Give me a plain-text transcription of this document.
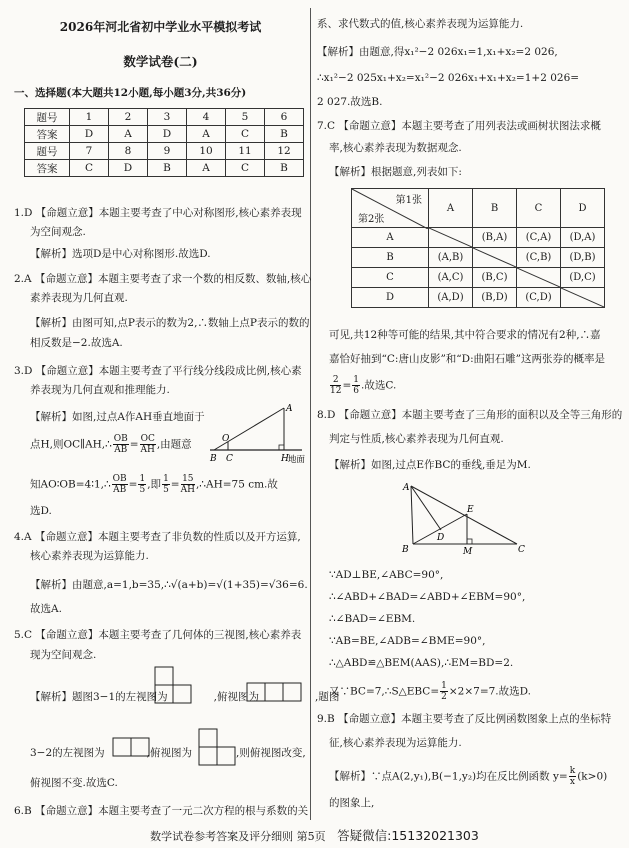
2026年河北省初中学业水平模拟考试
数学试卷(二)
一、选择题(本大题共12小题,每小题3分,共36分)
题号	1	2	3	4	5	6
答案	D	A	D	A	C	B
题号	7	8	9	10	11	12
答案	C	D	B	A	C	B
1.D 【命题立意】本题主要考查了中心对称图形,核心素养表现
为空间观念.
【解析】选项D是中心对称图形.故选D.
2.A 【命题立意】本题主要考查了求一个数的相反数、数轴,核心
素养表现为几何直观.
【解析】由图可知,点P表示的数为2,∴数轴上点P表示的数的
相反数是−2.故选A.
3.D 【命题立意】本题主要考查了平行线分线段成比例,核心素
养表现为几何直观和推理能力.
【解析】如图,过点A作AH垂直地面于
点H,则OC∥AH,∴ $\frac{OB}{AB} = \frac{OC}{AH}$ ,由题意
知AO∶OB=4∶1,∴ $\frac{OB}{AB} = \frac{1}{5}$ ,即 $\frac{1}{5} = \frac{15}{AH}$ ,∴AH=75 cm.故
选D.
A
O
B C	H 地面
4.A 【命题立意】本题主要考查了非负数的性质以及开方运算,
核心素养表现为运算能力.
【解析】由题意,a=1,b=35,∴√(a+b)=√(1+35)=√36=6.
故选A.
5.C 【命题立意】本题主要考查了几何体的三视图,核心素养表
现为空间观念.
【解析】题图3−1的左视图为	,俯视图为	,题图
3−2的左视图为	,俯视图为	,则俯视图改变,
俯视图不变.故选C.
6.B 【命题立意】本题主要考查了一元二次方程的根与系数的关
系、求代数式的值,核心素养表现为运算能力.
【解析】由题意,得x₁²−2 026x₁=1,x₁+x₂=2 026,
∴x₁²−2 025x₁+x₂=x₁²−2 026x₁+x₁+x₂=1+2 026=
2 027.故选B.
7.C 【命题立意】本题主要考查了用列表法或画树状图法求概
率,核心素养表现为数据观念.
【解析】根据题意,列表如下:
第1张
第2张	A	B	C	D
A		(B,A)	(C,A)	(D,A)
B	(A,B)		(C,B)	(D,B)
C	(A,C)	(B,C)		(D,C)
D	(A,D)	(B,D)	(C,D)	
可见,共12种等可能的结果,其中符合要求的情况有2种,∴嘉
嘉恰好抽到“C:唐山皮影”和“D:曲阳石雕”这两张券的概率是
$\frac{2}{12} = \frac{1}{6}$ .故选C.
8.D 【命题立意】本题主要考查了三角形的面积以及全等三角形的
判定与性质,核心素养表现为几何直观.
【解析】如图,过点E作BC的垂线,垂足为M.
A
B	C
D
E
M
∵AD⊥BE,∠ABC=90°,
∴∠ABD+∠BAD=∠ABD+∠EBM=90°,
∴∠BAD=∠EBM.
∵AB=BE,∠ADB=∠BME=90°,
∴△ABD≌△BEM(AAS),∴EM=BD=2.
又∵BC=7,∴S△EBC= $\frac{1}{2} \times 2\times 7=7$.故选D.
9.B 【命题立意】本题主要考查了反比例函数图象上点的坐标特
征,核心素养表现为运算能力.
【解析】∵点A(2,y₁),B(−1,y₂)均在反比例函数 $y= \frac{k}{x} (k>0)$
的图象上,
数学试卷参考答案及评分细则 第5页 答疑微信:15132021303
